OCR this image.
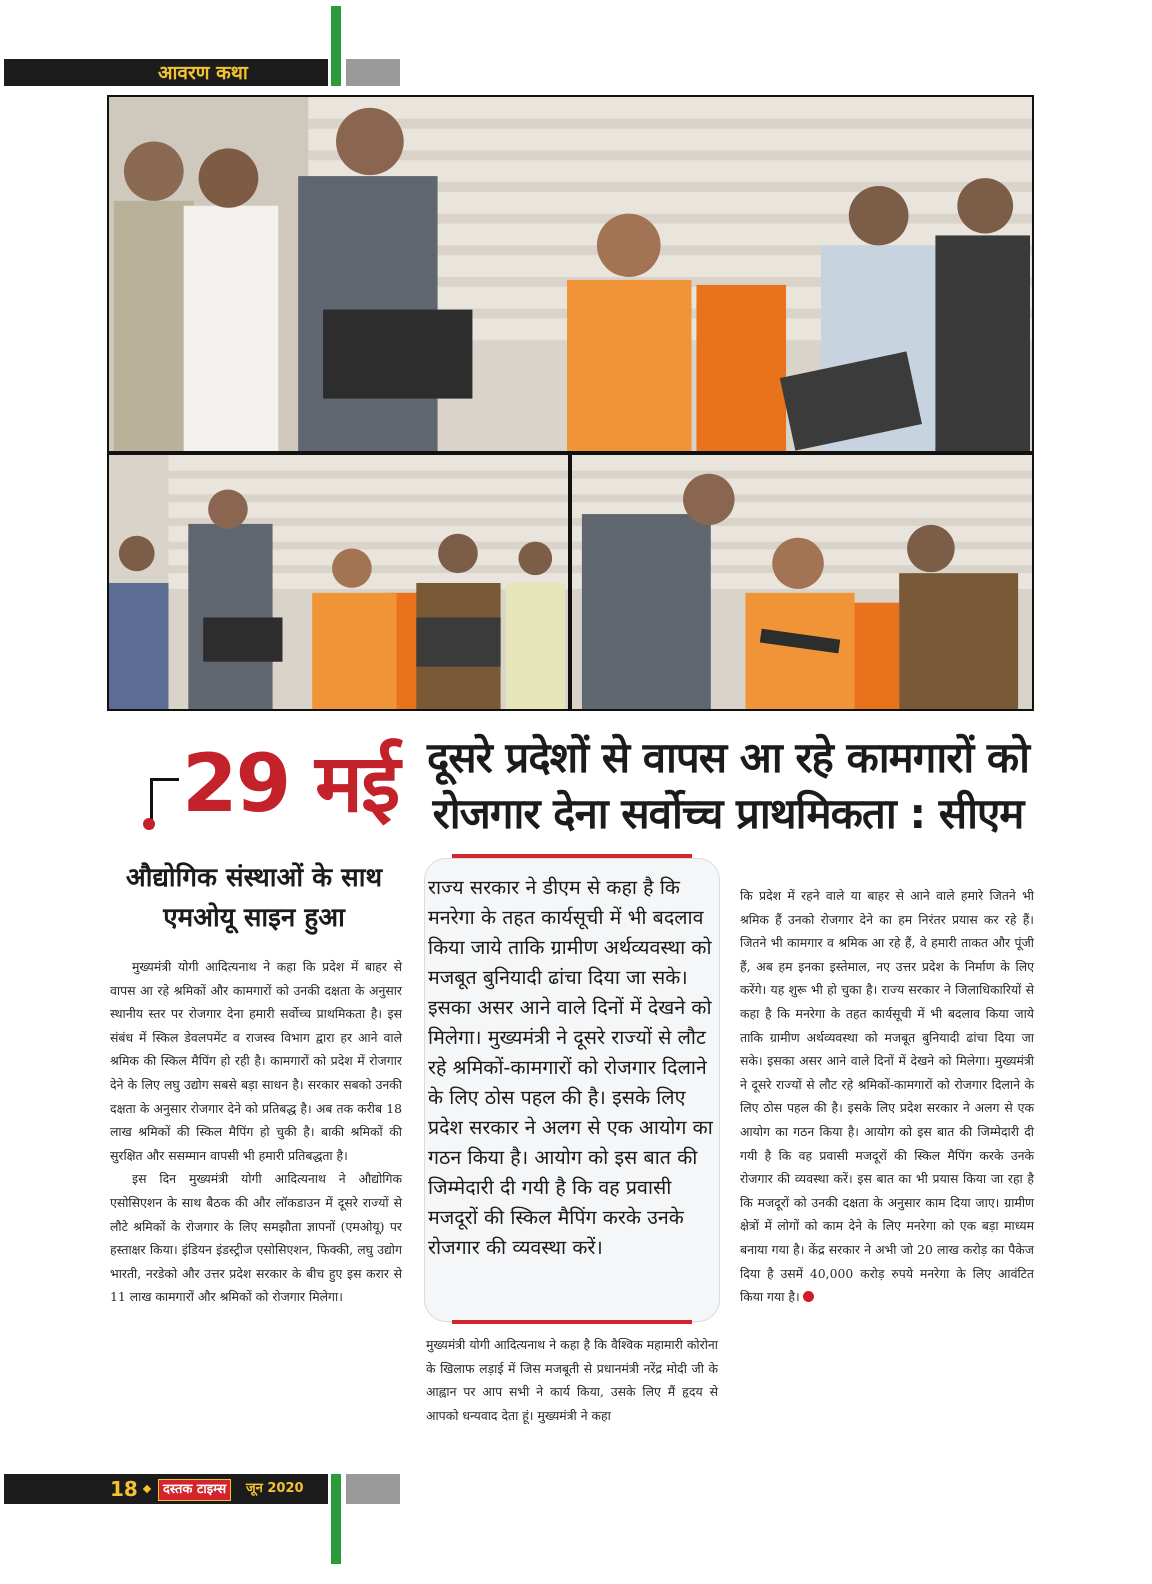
आवरण कथा
29 मई दूसरे प्रदेशों से वापस आ रहे कामगारों को
रोजगार देना सर्वोच्च प्राथमिकता : सीएम
औद्योगिक संस्थाओं के साथ
एमओयू साइन हुआ

मुख्यमंत्री योगी आदित्यनाथ ने कहा कि प्रदेश में बाहर से वापस आ रहे श्रमिकों और कामगारों को उनकी दक्षता के अनुसार स्थानीय स्तर पर रोजगार देना हमारी सर्वोच्च प्राथमिकता है। इस संबंध में स्किल डेवलपमेंट व राजस्व विभाग द्वारा हर आने वाले श्रमिक की स्किल मैपिंग हो रही है। कामगारों को प्रदेश में रोजगार देने के लिए लघु उद्योग सबसे बड़ा साधन है। सरकार सबको उनकी दक्षता के अनुसार रोजगार देने को प्रतिबद्ध है। अब तक करीब 18 लाख श्रमिकों की स्किल मैपिंग हो चुकी है। बाकी श्रमिकों की सुरक्षित और ससम्मान वापसी भी हमारी प्रतिबद्धता है।

इस दिन मुख्यमंत्री योगी आदित्यनाथ ने औद्योगिक एसोसिएशन के साथ बैठक की और लॉकडाउन में दूसरे राज्यों से लौटे श्रमिकों के रोजगार के लिए समझौता ज्ञापनों (एमओयू) पर हस्ताक्षर किया। इंडियन इंडस्ट्रीज एसोसिएशन, फिक्की, लघु उद्योग भारती, नरडेको और उत्तर प्रदेश सरकार के बीच हुए इस करार से 11 लाख कामगारों और श्रमिकों को रोजगार मिलेगा।

राज्य सरकार ने डीएम से कहा है कि मनरेगा के तहत कार्यसूची में भी बदलाव किया जाये ताकि ग्रामीण अर्थव्यवस्था को मजबूत बुनियादी ढांचा दिया जा सके। इसका असर आने वाले दिनों में देखने को मिलेगा। मुख्यमंत्री ने दूसरे राज्यों से लौट रहे श्रमिकों-कामगारों को रोजगार दिलाने के लिए ठोस पहल की है। इसके लिए प्रदेश सरकार ने अलग से एक आयोग का गठन किया है। आयोग को इस बात की जिम्मेदारी दी गयी है कि वह प्रवासी मजदूरों की स्किल मैपिंग करके उनके रोजगार की व्यवस्था करें।

मुख्यमंत्री योगी आदित्यनाथ ने कहा है कि वैश्विक महामारी कोरोना के खिलाफ लड़ाई में जिस मजबूती से प्रधानमंत्री नरेंद्र मोदी जी के आह्वान पर आप सभी ने कार्य किया, उसके लिए मैं हृदय से आपको धन्यवाद देता हूं। मुख्यमंत्री ने कहा

कि प्रदेश में रहने वाले या बाहर से आने वाले हमारे जितने भी श्रमिक हैं उनको रोजगार देने का हम निरंतर प्रयास कर रहे हैं। जितने भी कामगार व श्रमिक आ रहे हैं, वे हमारी ताकत और पूंजी हैं, अब हम इनका इस्तेमाल, नए उत्तर प्रदेश के निर्माण के लिए करेंगे। यह शुरू भी हो चुका है। राज्य सरकार ने जिलाधिकारियों से कहा है कि मनरेगा के तहत कार्यसूची में भी बदलाव किया जाये ताकि ग्रामीण अर्थव्यवस्था को मजबूत बुनियादी ढांचा दिया जा सके। इसका असर आने वाले दिनों में देखने को मिलेगा। मुख्यमंत्री ने दूसरे राज्यों से लौट रहे श्रमिकों-कामगारों को रोजगार दिलाने के लिए ठोस पहल की है। इसके लिए प्रदेश सरकार ने अलग से एक आयोग का गठन किया है। आयोग को इस बात की जिम्मेदारी दी गयी है कि वह प्रवासी मजदूरों की स्किल मैपिंग करके उनके रोजगार की व्यवस्था करें। इस बात का भी प्रयास किया जा रहा है कि मजदूरों को उनकी दक्षता के अनुसार काम दिया जाए। ग्रामीण क्षेत्रों में लोगों को काम देने के लिए मनरेगा को एक बड़ा माध्यम बनाया गया है। केंद्र सरकार ने अभी जो 20 लाख करोड़ का पैकेज दिया है उसमें 40,000 करोड़ रुपये मनरेगा के लिए आवंटित किया गया है।

18	दस्तक टाइम्स	जून 2020
